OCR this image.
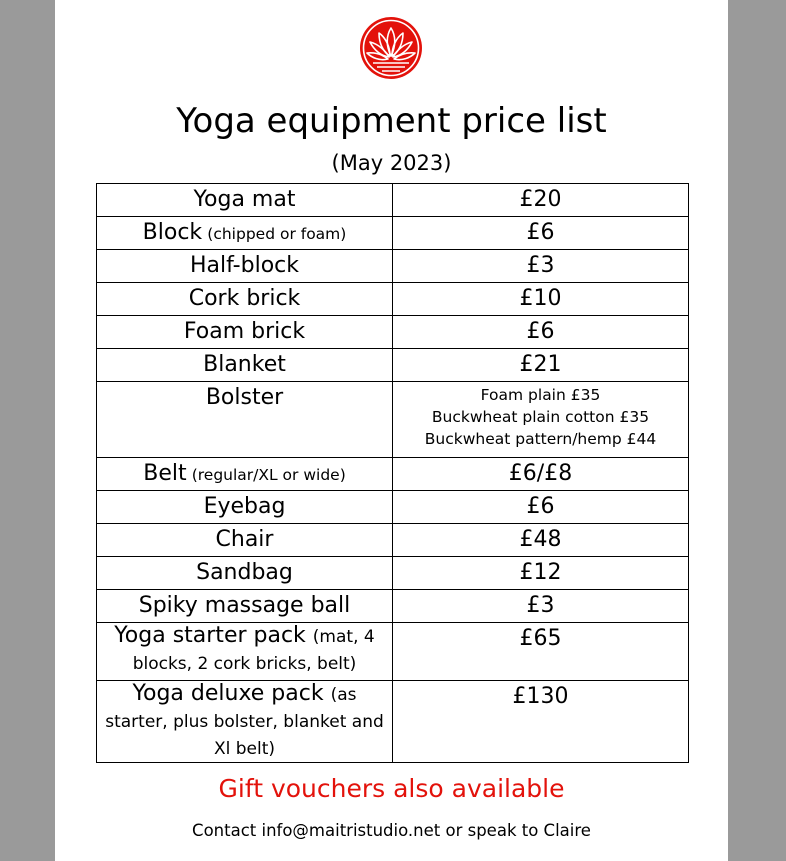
Yoga equipment price list
(May 2023)
Yoga mat	£20
Block (chipped or foam)	£6
Half-block	£3
Cork brick	£10
Foam brick	£6
Blanket	£21
Bolster	Foam plain £35
Buckwheat plain cotton £35
Buckwheat pattern/hemp £44

Belt (regular/XL or wide)	£6/£8
Eyebag	£6
Chair	£48
Sandbag	£12
Spiky massage ball	£3

Yoga starter pack (mat, 4 blocks, 2 cork bricks, belt)	£65

Yoga deluxe pack (as starter, plus bolster, blanket and Xl belt)	£130
Gift vouchers also available
Contact info@maitristudio.net or speak to Claire
